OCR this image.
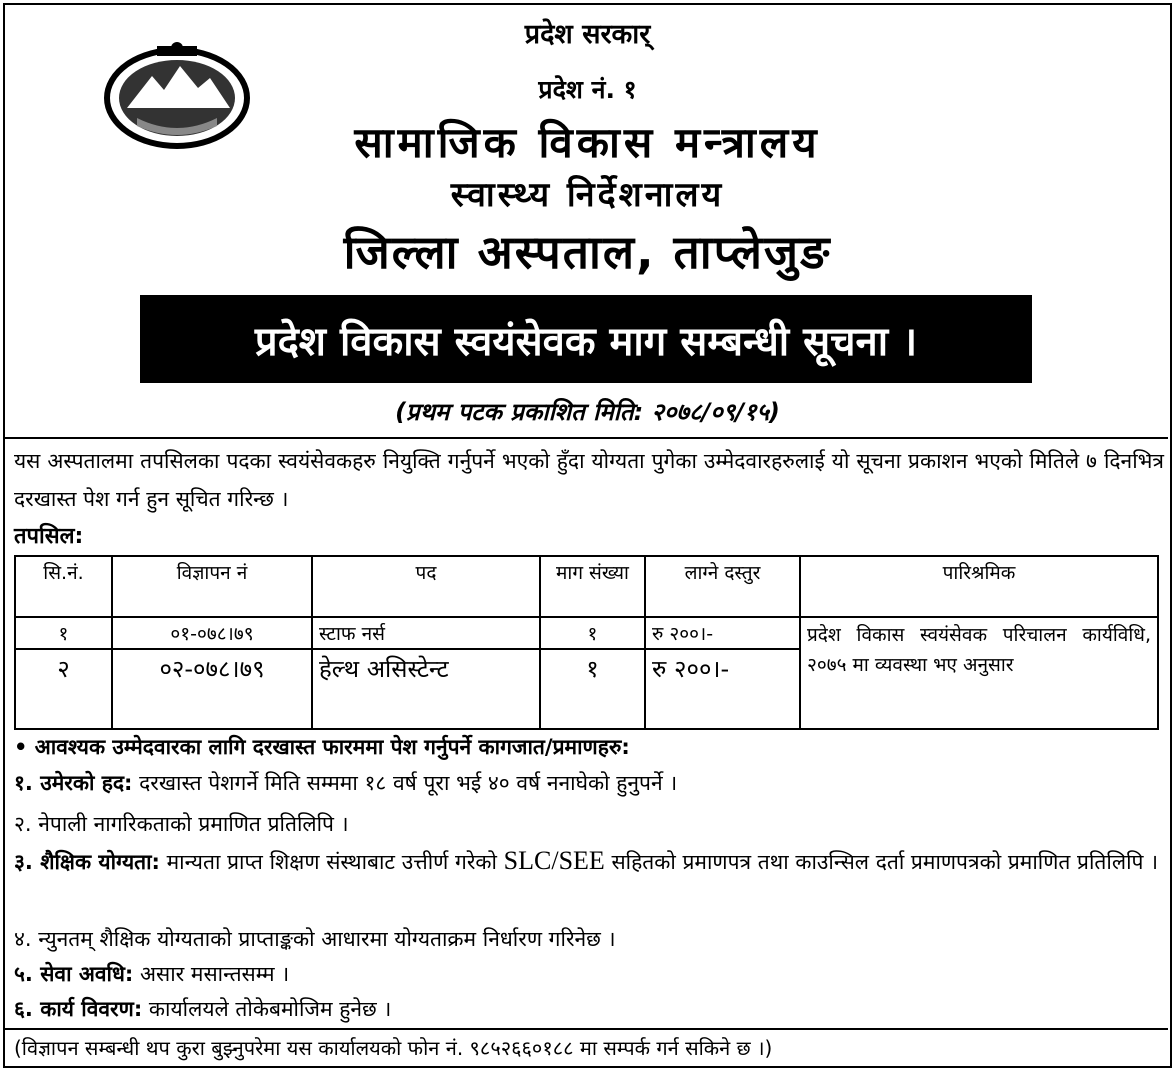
प्रदेश सरकार्
प्रदेश नं. १
सामाजिक विकास मन्त्रालय
स्वास्थ्य निर्देशनालय
जिल्ला अस्पताल, ताप्लेजुङ
प्रदेश विकास स्वयंसेवक माग सम्बन्धी सूचना ।
(प्रथम पटक प्रकाशित मिति: २०७८/०९/१५)
यस अस्पतालमा तपसिलका पदका स्वयंसेवकहरु नियुक्ति गर्नुपर्ने भएको हुँदा योग्यता पुगेका उम्मेदवारहरुलाई यो सूचना प्रकाशन भएको मितिले ७ दिनभित्र दरखास्त पेश गर्न हुन सूचित गरिन्छ ।
तपसिल:
सि.नं.	विज्ञापन नं	पद	माग संख्या	लाग्ने दस्तुर	पारिश्रमिक
१	०१-०७८।७९	स्टाफ नर्स	१	रु २००।-	प्रदेश विकास स्वयंसेवक परिचालन कार्यविधि, २०७५ मा व्यवस्था भए अनुसार
२	०२-०७८।७९	हेल्थ असिस्टेन्ट	१	रु २००।-	
• आवश्यक उम्मेदवारका लागि दरखास्त फारममा पेश गर्नुपर्ने कागजात/प्रमाणहरु:
१. उमेरको हद: दरखास्त पेशगर्ने मिति सम्ममा १८ वर्ष पूरा भई ४० वर्ष ननाघेको हुनुपर्ने ।
२. नेपाली नागरिकताको प्रमाणित प्रतिलिपि ।
३. शैक्षिक योग्यता: मान्यता प्राप्त शिक्षण संस्थाबाट उत्तीर्ण गरेको SLC/SEE सहितको प्रमाणपत्र तथा काउन्सिल दर्ता प्रमाणपत्रको प्रमाणित प्रतिलिपि ।
४. न्युनतम् शैक्षिक योग्यताको प्राप्ताङ्कको आधारमा योग्यताक्रम निर्धारण गरिनेछ ।
५. सेवा अवधि: असार मसान्तसम्म ।
६. कार्य विवरण: कार्यालयले तोकेबमोजिम हुनेछ ।
(विज्ञापन सम्बन्धी थप कुरा बुझ्नुपरेमा यस कार्यालयको फोन नं. ९८५२६६०१८८ मा सम्पर्क गर्न सकिने छ ।)
